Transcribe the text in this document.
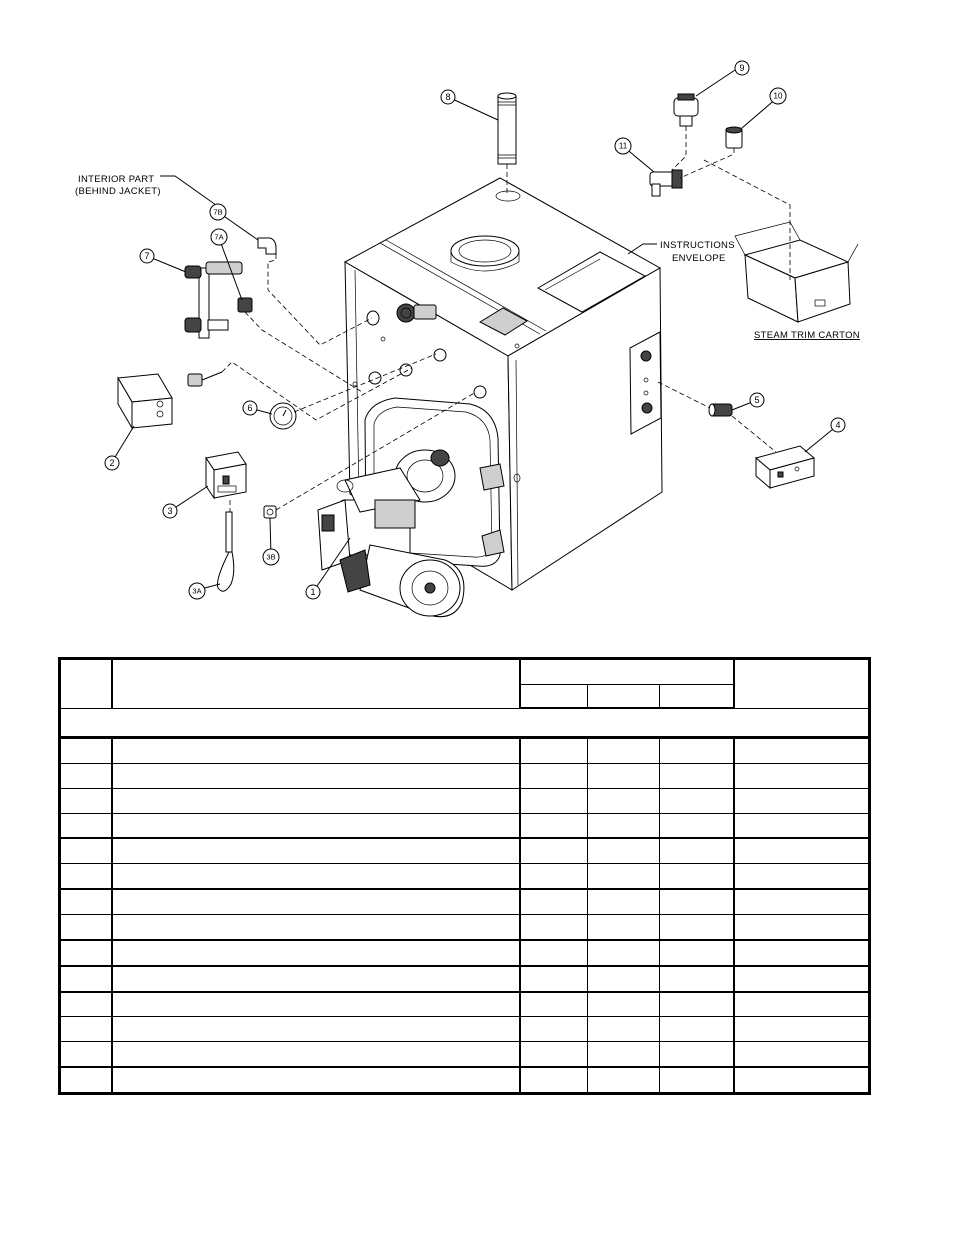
1
2
3
3A
3B
4
5
6
7
7A
7B
8
9
10
11
INTERIOR PART
(BEHIND JACKET)
INSTRUCTIONS
ENVELOPE
STEAM TRIM CARTON
